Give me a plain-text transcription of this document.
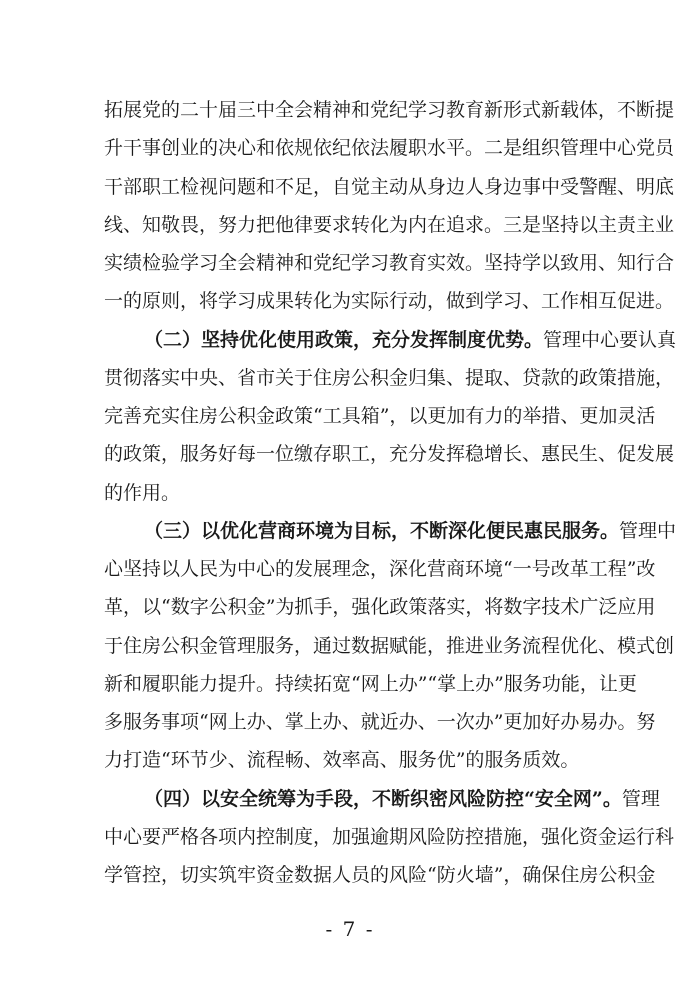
拓展党的二十届三中全会精神和党纪学习教育新形式新载体，不断提
升干事创业的决心和依规依纪依法履职水平。二是组织管理中心党员
干部职工检视问题和不足，自觉主动从身边人身边事中受警醒、明底
线、知敬畏，努力把他律要求转化为内在追求。三是坚持以主责主业
实绩检验学习全会精神和党纪学习教育实效。坚持学以致用、知行合
一的原则，将学习成果转化为实际行动，做到学习、工作相互促进。
（二）坚持优化使用政策，充分发挥制度优势。管理中心要认真
贯彻落实中央、省市关于住房公积金归集、提取、贷款的政策措施，
完善充实住房公积金政策“工具箱”，以更加有力的举措、更加灵活
的政策，服务好每一位缴存职工，充分发挥稳增长、惠民生、促发展
的作用。
（三）以优化营商环境为目标，不断深化便民惠民服务。管理中
心坚持以人民为中心的发展理念，深化营商环境“一号改革工程”改
革，以“数字公积金”为抓手，强化政策落实，将数字技术广泛应用
于住房公积金管理服务，通过数据赋能，推进业务流程优化、模式创
新和履职能力提升。持续拓宽“网上办”“掌上办”服务功能，让更
多服务事项“网上办、掌上办、就近办、一次办”更加好办易办。努
力打造“环节少、流程畅、效率高、服务优”的服务质效。
（四）以安全统筹为手段，不断织密风险防控“安全网”。管理
中心要严格各项内控制度，加强逾期风险防控措施，强化资金运行科
学管控，切实筑牢资金数据人员的风险“防火墙”，确保住房公积金
- 7 -
